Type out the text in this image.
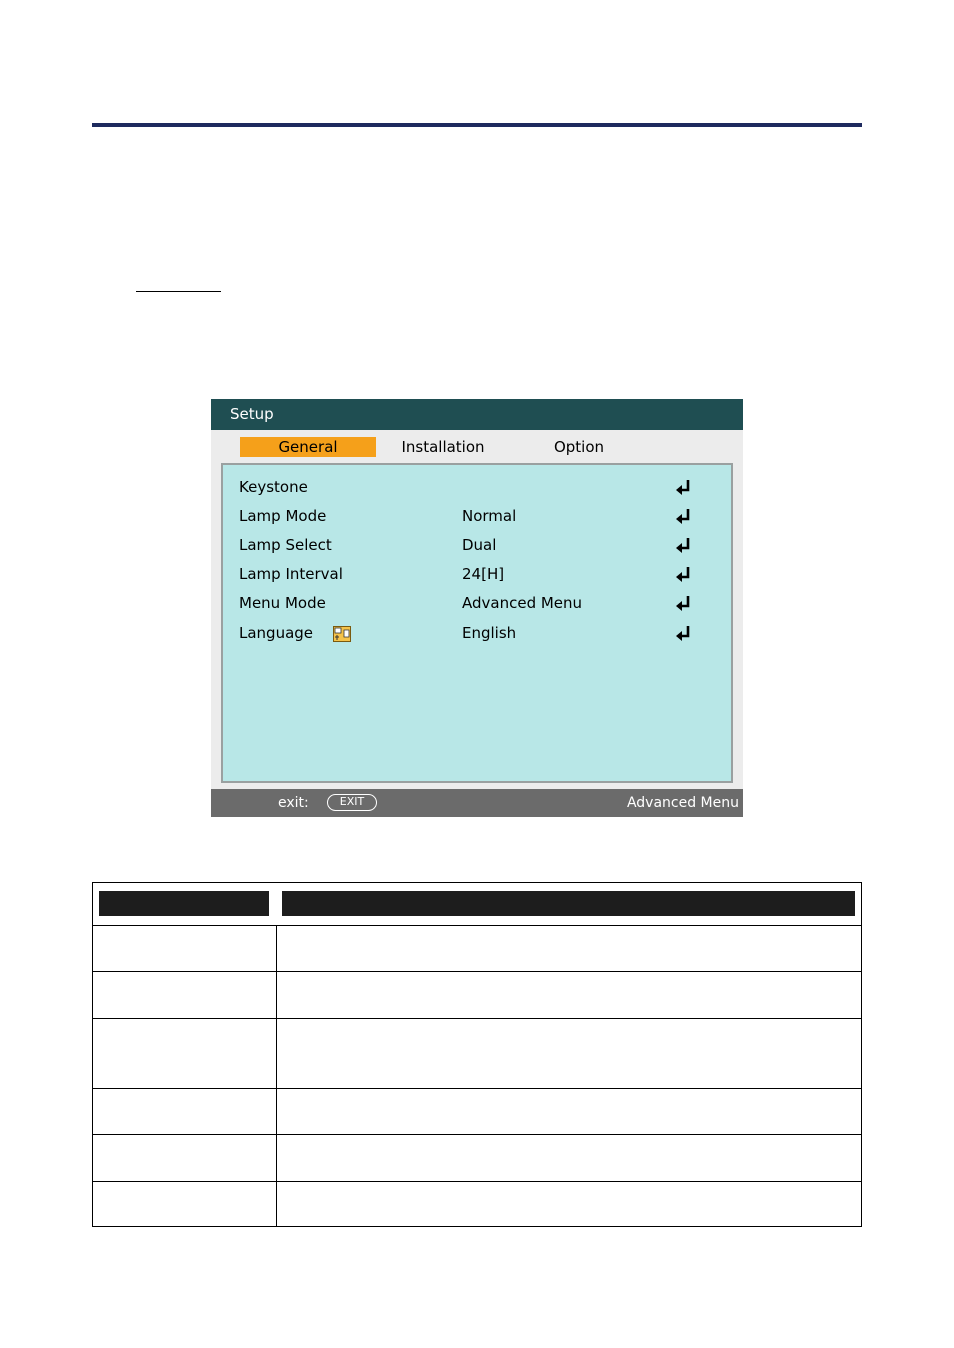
Setup
General	Installation	Option
Keystone
Lamp Mode	Normal
Lamp Select	Dual
Lamp Interval	24[H]
Menu Mode	Advanced Menu
Language	English
exit:	EXIT	Advanced Menu
